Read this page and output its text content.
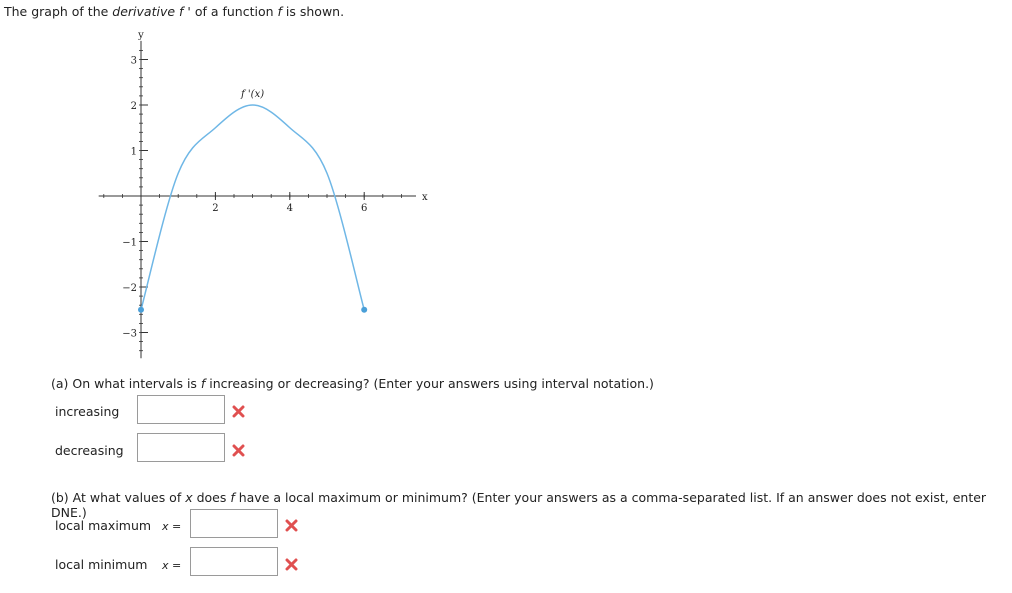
The graph of the derivative f ' of a function f is shown.
2	4	6
3
2
1
−1
−2
−3
x
y
f '(x)
(a) On what intervals is f increasing or decreasing? (Enter your answers using interval notation.)
increasing
decreasing
(b) At what values of x does f have a local maximum or minimum? (Enter your answers as a comma-separated list. If an answer does not exist, enter DNE.)
local maximum x =
local minimum x =
